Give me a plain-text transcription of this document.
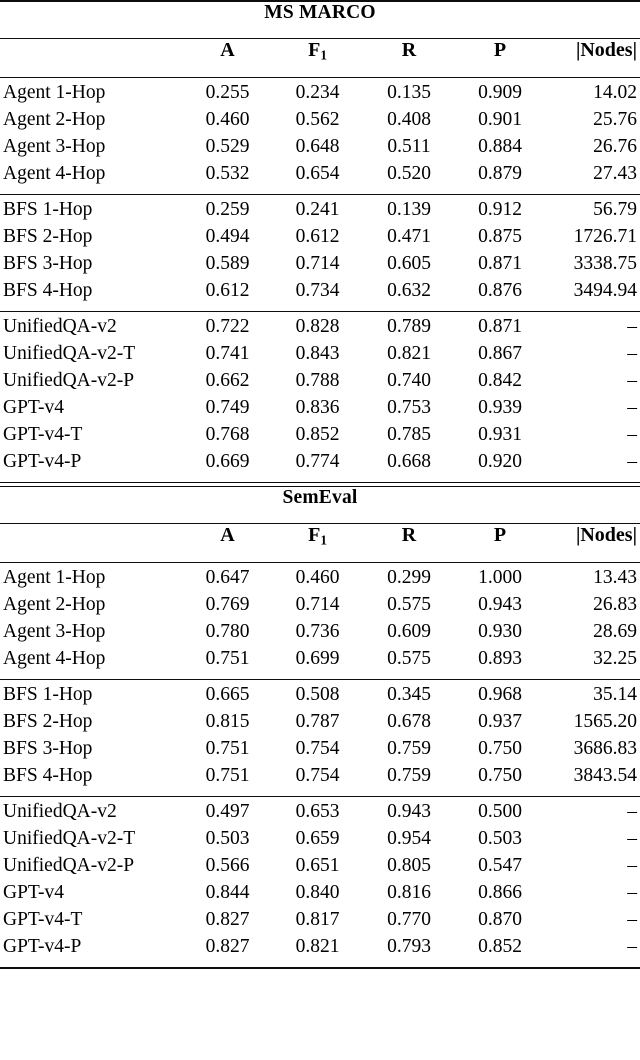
MS MARCO					

	A	$F_1$	R	P	|Nodes|

Agent 1-Hop	0.255	0.234	0.135	0.909	14.02
Agent 2-Hop	0.460	0.562	0.408	0.901	25.76
Agent 3-Hop	0.529	0.648	0.511	0.884	26.76
Agent 4-Hop	0.532	0.654	0.520	0.879	27.43

BFS 1-Hop	0.259	0.241	0.139	0.912	56.79
BFS 2-Hop	0.494	0.612	0.471	0.875	1726.71
BFS 3-Hop	0.589	0.714	0.605	0.871	3338.75
BFS 4-Hop	0.612	0.734	0.632	0.876	3494.94

UnifiedQA-v2	0.722	0.828	0.789	0.871	–
UnifiedQA-v2-T	0.741	0.843	0.821	0.867	–
UnifiedQA-v2-P	0.662	0.788	0.740	0.842	–
GPT-v4	0.749	0.836	0.753	0.939	–
GPT-v4-T	0.768	0.852	0.785	0.931	–
GPT-v4-P	0.669	0.774	0.668	0.920	–

SemEval					

	A	$F_1$	R	P	|Nodes|

Agent 1-Hop	0.647	0.460	0.299	1.000	13.43
Agent 2-Hop	0.769	0.714	0.575	0.943	26.83
Agent 3-Hop	0.780	0.736	0.609	0.930	28.69
Agent 4-Hop	0.751	0.699	0.575	0.893	32.25

BFS 1-Hop	0.665	0.508	0.345	0.968	35.14
BFS 2-Hop	0.815	0.787	0.678	0.937	1565.20
BFS 3-Hop	0.751	0.754	0.759	0.750	3686.83
BFS 4-Hop	0.751	0.754	0.759	0.750	3843.54

UnifiedQA-v2	0.497	0.653	0.943	0.500	–
UnifiedQA-v2-T	0.503	0.659	0.954	0.503	–
UnifiedQA-v2-P	0.566	0.651	0.805	0.547	–
GPT-v4	0.844	0.840	0.816	0.866	–
GPT-v4-T	0.827	0.817	0.770	0.870	–
GPT-v4-P	0.827	0.821	0.793	0.852	–
